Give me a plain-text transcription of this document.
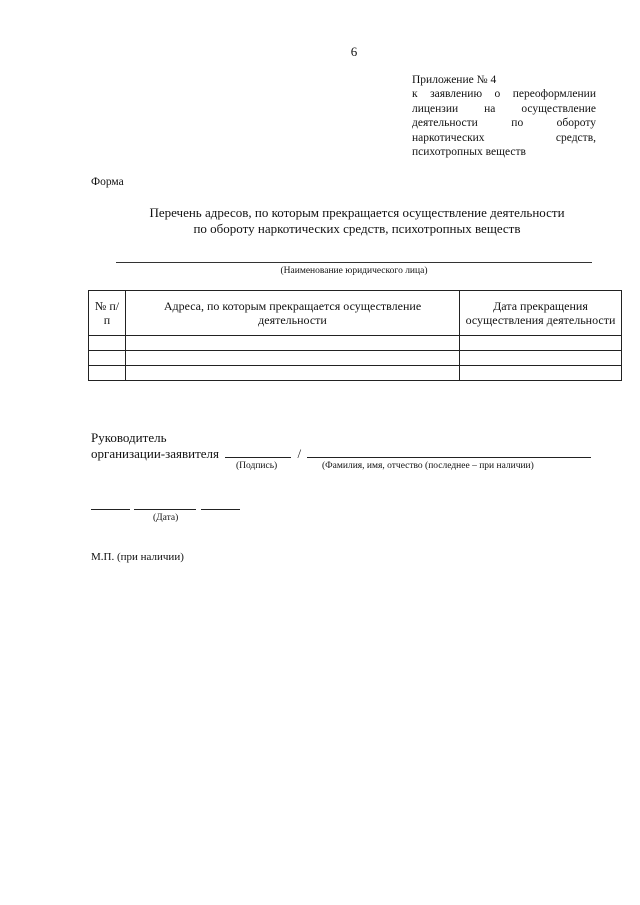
6
Приложение № 4
к заявлению о переоформлении
лицензии на осуществление
деятельности по обороту
наркотических средств,
психотропных веществ
Форма
Перечень адресов, по которым прекращается осуществление деятельности
по обороту наркотических средств, психотропных веществ
(Наименование юридического лица)
№ п/п	Адреса, по которым прекращается осуществление деятельности	Дата прекращения осуществления деятельности

Руководитель
организации-заявителя	/
(Подпись)	(Фамилия, имя, отчество (последнее – при наличии)
(Дата)
М.П. (при наличии)
